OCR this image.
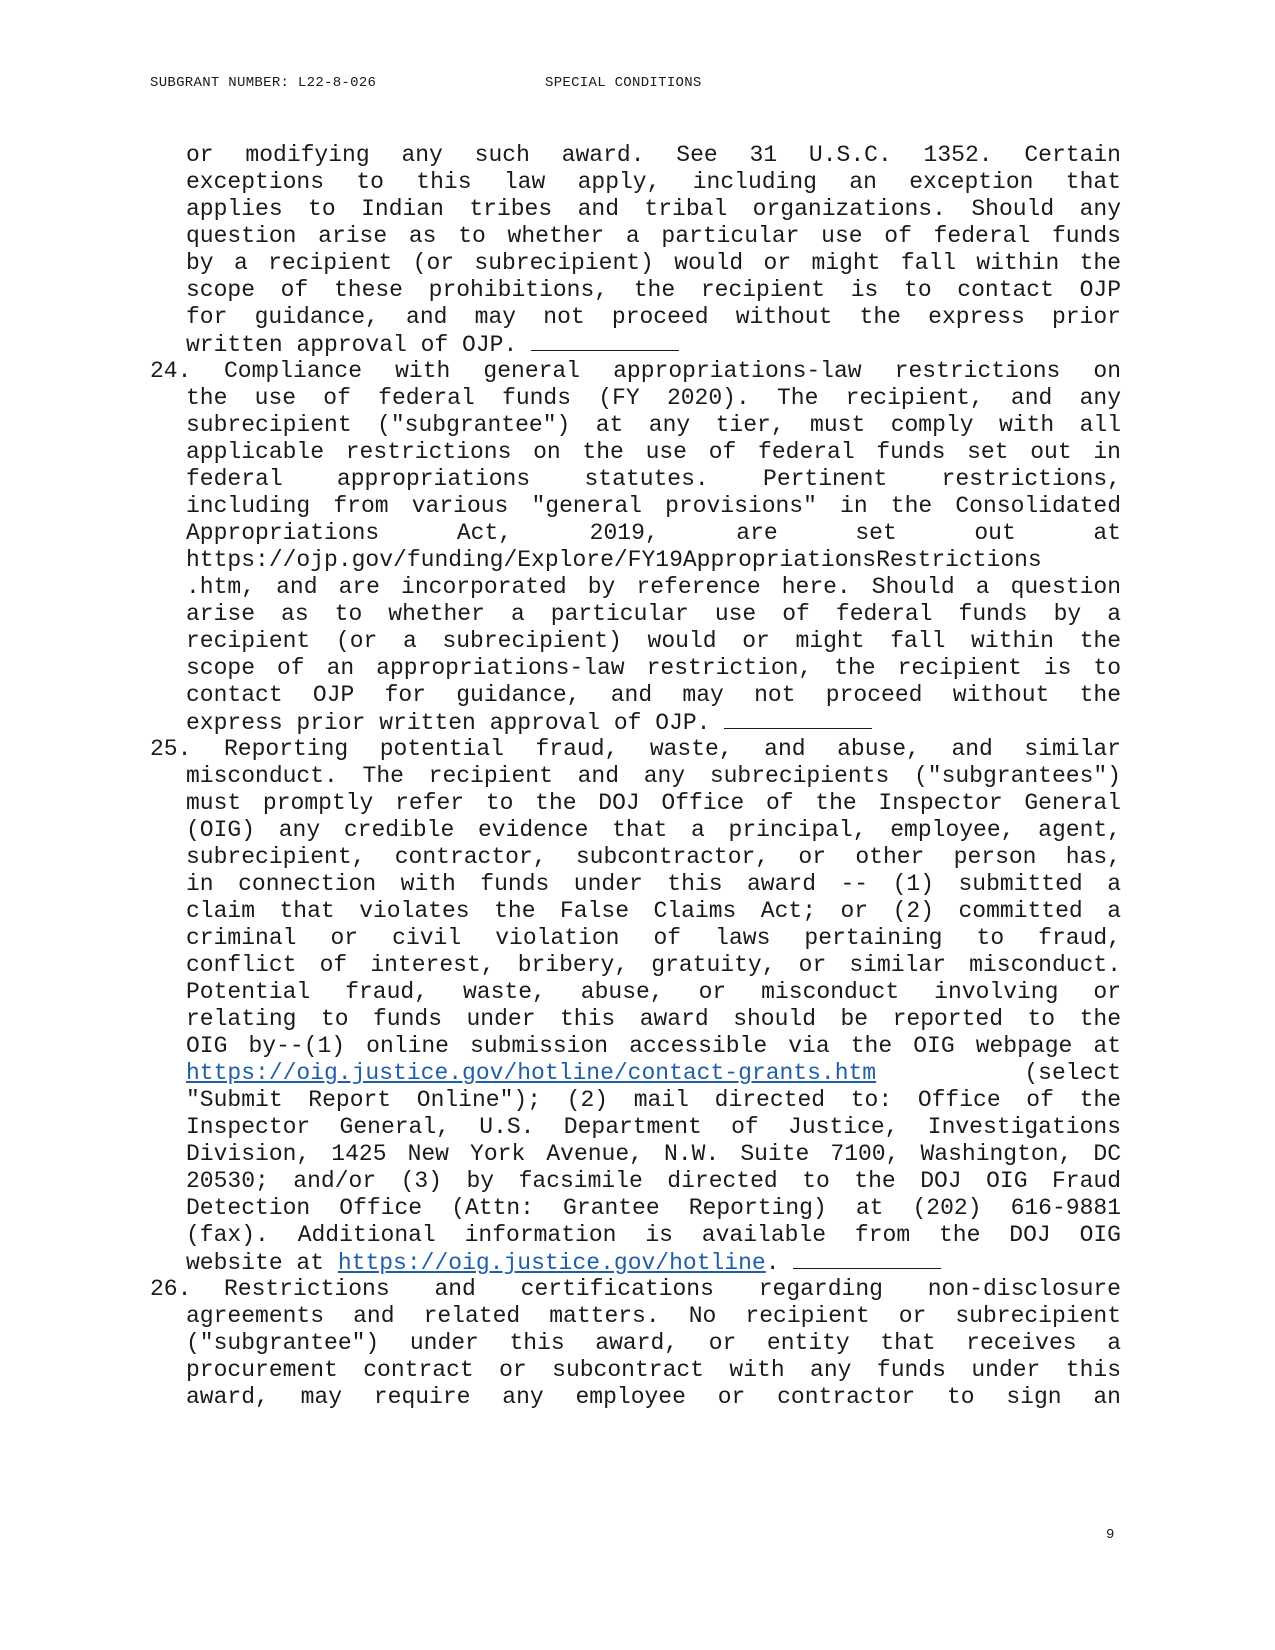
SUBGRANT NUMBER: L22-8-026	SPECIAL CONDITIONS
or modifying any such award. See 31 U.S.C. 1352. Certain
exceptions to this law apply, including an exception that
applies to Indian tribes and tribal organizations. Should any
question arise as to whether a particular use of federal funds
by a recipient (or subrecipient) would or might fall within the
scope of these prohibitions, the recipient is to contact OJP
for guidance, and may not proceed without the express prior
written approval of OJP.
24. Compliance with general appropriations-law restrictions on
the use of federal funds (FY 2020). The recipient, and any
subrecipient ("subgrantee") at any tier, must comply with all
applicable restrictions on the use of federal funds set out in
federal appropriations statutes. Pertinent restrictions,
including from various "general provisions" in the Consolidated
Appropriations Act, 2019, are set out at
https://ojp.gov/funding/Explore/FY19AppropriationsRestrictions
.htm, and are incorporated by reference here. Should a question
arise as to whether a particular use of federal funds by a
recipient (or a subrecipient) would or might fall within the
scope of an appropriations-law restriction, the recipient is to
contact OJP for guidance, and may not proceed without the
express prior written approval of OJP.
25. Reporting potential fraud, waste, and abuse, and similar
misconduct. The recipient and any subrecipients ("subgrantees")
must promptly refer to the DOJ Office of the Inspector General
(OIG) any credible evidence that a principal, employee, agent,
subrecipient, contractor, subcontractor, or other person has,
in connection with funds under this award -- (1) submitted a
claim that violates the False Claims Act; or (2) committed a
criminal or civil violation of laws pertaining to fraud,
conflict of interest, bribery, gratuity, or similar misconduct.
Potential fraud, waste, abuse, or misconduct involving or
relating to funds under this award should be reported to the
OIG by--(1) online submission accessible via the OIG webpage at
https://oig.justice.gov/hotline/contact-grants.htm	(select
"Submit Report Online"); (2) mail directed to: Office of the
Inspector General, U.S. Department of Justice, Investigations
Division, 1425 New York Avenue, N.W. Suite 7100, Washington, DC
20530; and/or (3) by facsimile directed to the DOJ OIG Fraud
Detection Office (Attn: Grantee Reporting) at (202) 616-9881
(fax). Additional information is available from the DOJ OIG
website at https://oig.justice.gov/hotline.
26. Restrictions and certifications regarding non-disclosure
agreements and related matters. No recipient or subrecipient
("subgrantee") under this award, or entity that receives a
procurement contract or subcontract with any funds under this
award, may require any employee or contractor to sign an
9
